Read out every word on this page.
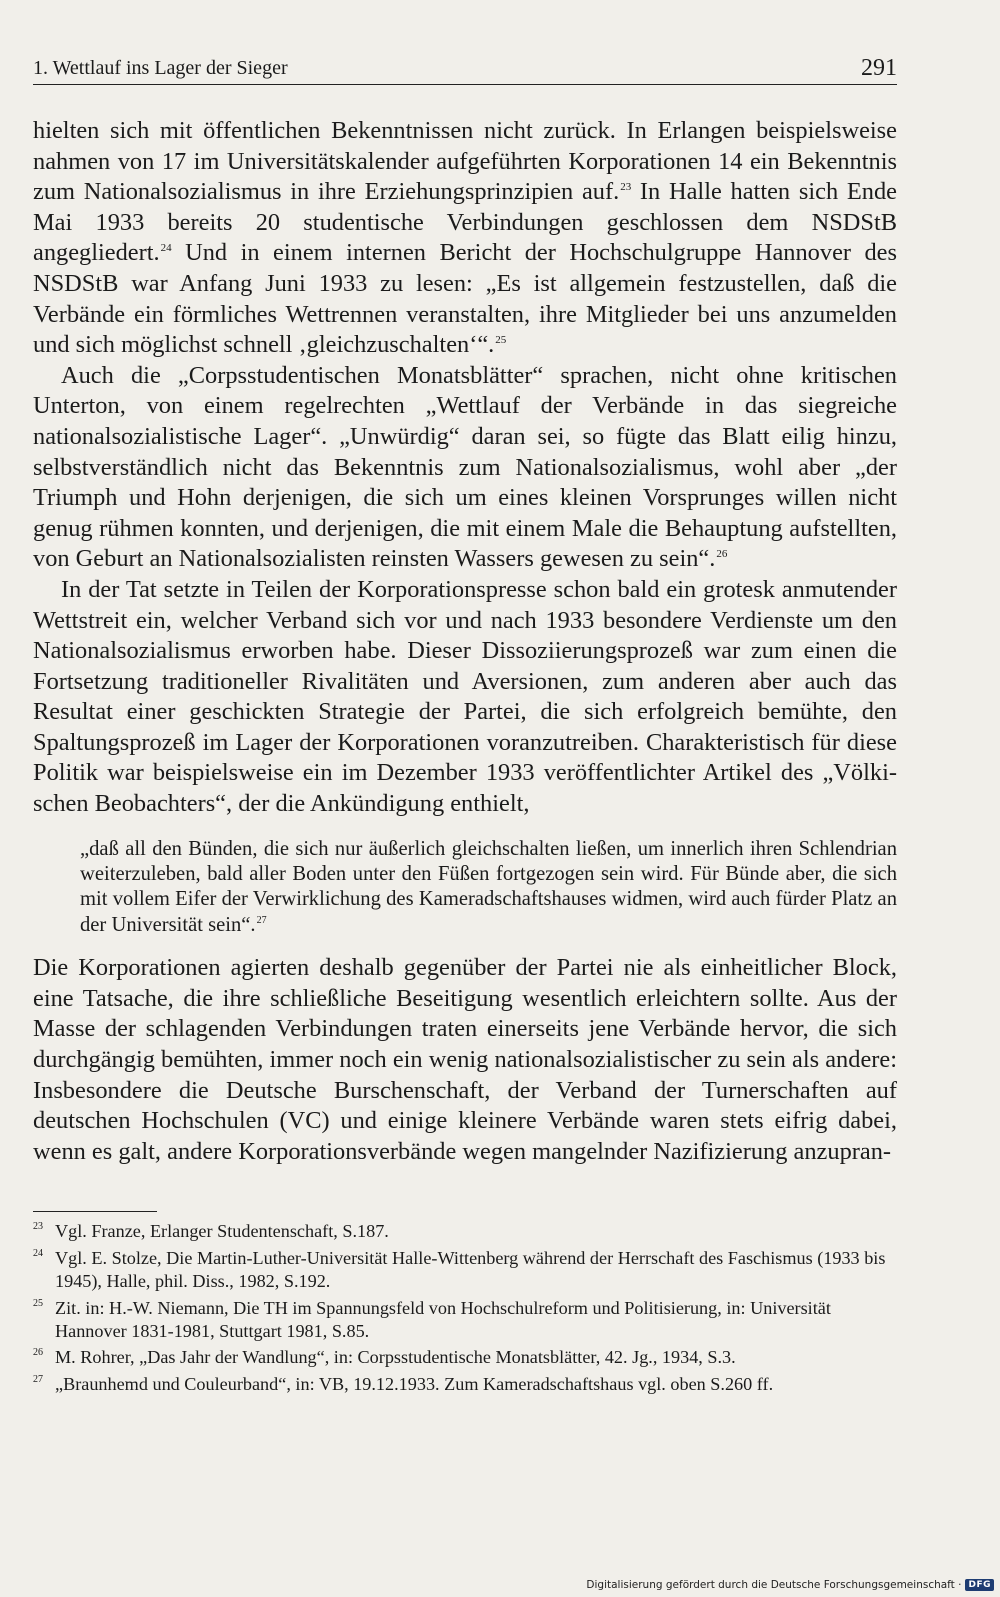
1. Wettlauf ins Lager der Sieger	291

hielten sich mit öffentlichen Bekenntnissen nicht zurück. In Erlangen beispielsweise nahmen von 17 im Universitätskalender aufgeführten Korporationen 14 ein Bekenntnis zum Nationalsozialismus in ihre Erziehungsprinzipien auf.$^{23}$ In Halle hatten sich Ende Mai 1933 bereits 20 studentische Verbindungen geschlossen dem NSDStB angegliedert.$^{24}$ Und in einem internen Bericht der Hochschulgruppe Hannover des NSDStB war Anfang Juni 1933 zu lesen: „Es ist allgemein festzustellen, daß die Verbände ein förmliches Wettrennen veranstalten, ihre Mitglieder bei uns anzumelden und sich möglichst schnell ‚gleichzuschalten‘“.$^{25}$

Auch die „Corpsstudentischen Monatsblätter“ sprachen, nicht ohne kritischen Unterton, von einem regelrechten „Wettlauf der Verbände in das siegreiche nationalsozialistische Lager“. „Unwürdig“ daran sei, so fügte das Blatt eilig hinzu, selbstverständlich nicht das Bekenntnis zum Nationalsozialismus, wohl aber „der Triumph und Hohn derjenigen, die sich um eines kleinen Vorsprunges willen nicht genug rühmen konnten, und derjenigen, die mit einem Male die Behauptung aufstellten, von Geburt an Nationalsozialisten reinsten Wassers gewesen zu sein“.$^{26}$

In der Tat setzte in Teilen der Korporationspresse schon bald ein grotesk anmutender Wettstreit ein, welcher Verband sich vor und nach 1933 besondere Verdienste um den Nationalsozialismus erworben habe. Dieser Dissoziierungsprozeß war zum einen die Fortsetzung traditioneller Rivalitäten und Aversionen, zum anderen aber auch das Resultat einer geschickten Strategie der Partei, die sich erfolgreich bemühte, den Spaltungsprozeß im Lager der Korporationen voranzutreiben. Charakteristisch für diese Politik war beispielsweise ein im Dezember 1933 veröffentlichter Artikel des „Völkischen Beobachters“, der die Ankündigung enthielt,

„daß all den Bünden, die sich nur äußerlich gleichschalten ließen, um innerlich ihren Schlendrian weiterzuleben, bald aller Boden unter den Füßen fortgezogen sein wird. Für Bünde aber, die sich mit vollem Eifer der Verwirklichung des Kameradschaftshauses widmen, wird auch fürder Platz an der Universität sein“.$^{27}$

Die Korporationen agierten deshalb gegenüber der Partei nie als einheitlicher Block, eine Tatsache, die ihre schließliche Beseitigung wesentlich erleichtern sollte. Aus der Masse der schlagenden Verbindungen traten einerseits jene Verbände hervor, die sich durchgängig bemühten, immer noch ein wenig nationalsozialistischer zu sein als andere: Insbesondere die Deutsche Burschenschaft, der Verband der Turnerschaften auf deutschen Hochschulen (VC) und einige kleinere Verbände waren stets eifrig dabei, wenn es galt, andere Korporationsverbände wegen mangelnder Nazifizierung anzupran-

23 Vgl. Franze, Erlanger Studentenschaft, S.187.
24 Vgl. E. Stolze, Die Martin-Luther-Universität Halle-Wittenberg während der Herrschaft des Faschismus (1933 bis 1945), Halle, phil. Diss., 1982, S.192.
25 Zit. in: H.-W. Niemann, Die TH im Spannungsfeld von Hochschulreform und Politisierung, in: Universität Hannover 1831-1981, Stuttgart 1981, S.85.
26 M. Rohrer, „Das Jahr der Wandlung“, in: Corpsstudentische Monatsblätter, 42. Jg., 1934, S.3.
27 „Braunhemd und Couleurband“, in: VB, 19.12.1933. Zum Kameradschaftshaus vgl. oben S.260 ff.
Digitalisierung gefördert durch die Deutsche Forschungsgemeinschaft · DFG
